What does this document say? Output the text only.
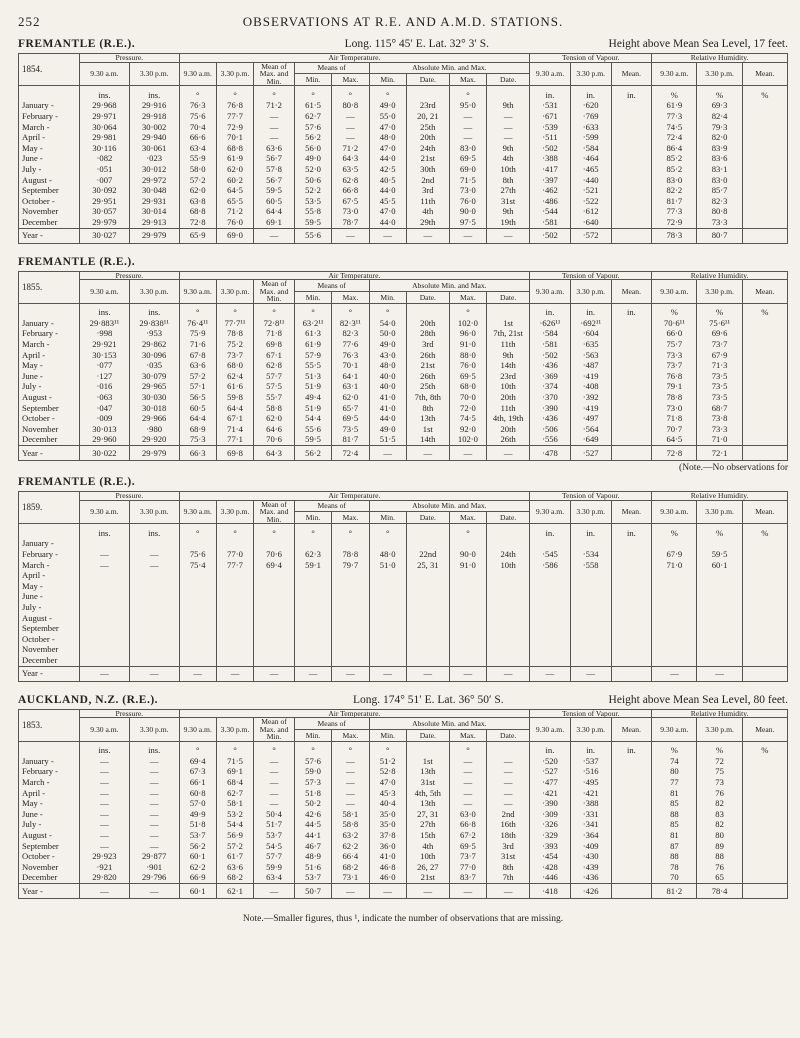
252	OBSERVATIONS AT R.E. AND A.M.D. STATIONS.
FREMANTLE (R.E.).	Long. 115° 45′ E. Lat. 32° 3′ S.	Height above Mean Sea Level, 17 feet.
1854.	Pressure.		Air Temperature.									Tension of Vapour.			Relative Humidity.		
	9.30 a.m.	3.30 p.m.	9.30 a.m.	3.30 p.m.	Mean of Max. and Min.	Means of		Absolute Min. and Max.				9.30 a.m.	3.30 p.m.	Mean.	9.30 a.m.	3.30 p.m.	Mean.
						Min.	Max.	Min.	Date.	Max.	Date.						
	ins.	ins.	°	°	°	°	°	°		°		in.	in.	in.	%	%	%
January -	29·968	29·916	76·3	76·8	71·2	61·5	80·8	49·0	23rd	95·0	9th	·531	·620		61·9	69·3	
February -	29·971	29·918	75·6	77·7	—	62·7	—	55·0	20, 21	—	—	·671	·769		77·3	82·4	
March -	30·064	30·002	70·4	72·9	—	57·6	—	47·0	25th	—	—	·539	·633		74·5	79·3	
April -	29·981	29·940	66·6	70·1	—	56·2	—	48·0	20th	—	—	·511	·599		72·4	82·0	
May -	30·116	30·061	63·4	68·8	63·6	56·0	71·2	47·0	24th	83·0	9th	·502	·584		86·4	83·9	
June -	·082	·023	55·9	61·9	56·7	49·0	64·3	44·0	21st	69·5	4th	·388	·464		85·2	83·6	
July -	·051	30·012	58·0	62·0	57·8	52·0	63·5	42·5	30th	69·0	10th	·417	·465		85·2	83·1	
August -	·007	29·972	57·2	60·2	56·7	50·6	62·8	40·5	2nd	71·5	8th	·397	·440		83·0	83·0	
September	30·092	30·048	62·0	64·5	59·5	52·2	66·8	44·0	3rd	73·0	27th	·462	·521		82·2	85·7	
October -	29·951	29·931	63·8	65·5	60·5	53·5	67·5	45·5	11th	76·0	31st	·486	·522		81·7	82·3	
November	30·057	30·014	68·8	71·2	64·4	55·8	73·0	47·0	4th	90·0	9th	·544	·612		77·3	80·8	
December	29·979	29·913	72·8	76·0	69·1	59·5	78·7	44·0	29th	97·5	19th	·581	·640		72·9	73·3	
Year -	30·027	29·979	65·9	69·0	—	55·6	—	—	—	—	—	·502	·572		78·3	80·7	
FREMANTLE (R.E.).
1855.	Pressure.		Air Temperature.									Tension of Vapour.			Relative Humidity.		
	9.30 a.m.	3.30 p.m.	9.30 a.m.	3.30 p.m.	Mean of Max. and Min.	Means of		Absolute Min. and Max.				9.30 a.m.	3.30 p.m.	Mean.	9.30 a.m.	3.30 p.m.	Mean.
						Min.	Max.	Min.	Date.	Max.	Date.						
	ins.	ins.	°	°	°	°	°	°		°		in.	in.	in.	%	%	%
January -	29·883¹¹	29·838¹¹	76·4¹¹	77·7¹¹	72·8¹¹	63·2¹¹	82·3¹¹	54·0	20th	102·0	1st	·626¹¹	·692¹¹		70·6¹¹	75·6¹¹	
February -	·998	·953	75·9	78·8	71·8	61·3	82·3	50·0	28th	96·0	7th, 21st	·584	·604		66·0	69·6	
March -	29·921	29·862	71·6	75·2	69·8	61·9	77·6	49·0	3rd	91·0	11th	·581	·635		75·7	73·7	
April -	30·153	30·096	67·8	73·7	67·1	57·9	76·3	43·0	26th	88·0	9th	·502	·563		73·3	67·9	
May -	·077	·035	63·6	68·0	62·8	55·5	70·1	48·0	21st	76·0	14th	·436	·487		73·7	71·3	
June -	·127	30·079	57·2	62·4	57·7	51·3	64·1	40·0	26th	69·5	23rd	·369	·419		76·8	73·5	
July -	·016	29·965	57·1	61·6	57·5	51·9	63·1	40·0	25th	68·0	10th	·374	·408		79·1	73·5	
August -	·063	30·030	56·5	59·8	55·7	49·4	62·0	41·0	7th, 8th	70·0	20th	·370	·392		78·8	73·5	
September	·047	30·018	60·5	64·4	58·8	51·9	65·7	41·0	8th	72·0	11th	·390	·419		73·0	68·7	
October -	·009	29·966	64·4	67·1	62·0	54·4	69·5	44·0	13th	74·5	4th, 19th	·436	·497		71·8	73·8	
November	30·013	·980	68·9	71·4	64·6	55·6	73·5	49·0	1st	92·0	20th	·506	·564		70·7	73·3	
December	29·960	29·920	75·3	77·1	70·6	59·5	81·7	51·5	14th	102·0	26th	·556	·649		64·5	71·0	
Year -	30·022	29·979	66·3	69·8	64·3	56·2	72·4	—	—	—	—	·478	·527		72·8	72·1	
(Note.—No observations for
FREMANTLE (R.E.).
1859.	Pressure.		Air Temperature.									Tension of Vapour.			Relative Humidity.		
	9.30 a.m.	3.30 p.m.	9.30 a.m.	3.30 p.m.	Mean of Max. and Min.	Means of		Absolute Min. and Max.				9.30 a.m.	3.30 p.m.	Mean.	9.30 a.m.	3.30 p.m.	Mean.
						Min.	Max.	Min.	Date.	Max.	Date.						
	ins.	ins.	°	°	°	°	°	°		°		in.	in.	in.	%	%	%
January -																	
February -	—	—	75·6	77·0	70·6	62·3	78·8	48·0	22nd	90·0	24th	·545	·534		67·9	59·5	
March -	—	—	75·4	77·7	69·4	59·1	79·7	51·0	25, 31	91·0	10th	·586	·558		71·0	60·1	
April -																	
May -																	
June -																	
July -																	
August -																	
September																	
October -																	
November																	
December																	
Year -	—	—	—	—	—	—	—	—	—	—	—	—	—		—	—	
AUCKLAND, N.Z. (R.E.).	Long. 174° 51′ E. Lat. 36° 50′ S.	Height above Mean Sea Level, 80 feet.
1853.	Pressure.		Air Temperature.									Tension of Vapour.			Relative Humidity.		
	9.30 a.m.	3.30 p.m.	9.30 a.m.	3.30 p.m.	Mean of Max. and Min.	Means of		Absolute Min. and Max.				9.30 a.m.	3.30 p.m.	Mean.	9.30 a.m.	3.30 p.m.	Mean.
						Min.	Max.	Min.	Date.	Max.	Date.						
	ins.	ins.	°	°	°	°	°	°		°		in.	in.	in.	%	%	%
January -	—	—	69·4	71·5	—	57·6	—	51·2	1st	—	—	·520	·537		74	72	
February -	—	—	67·3	69·1	—	59·0	—	52·8	13th	—	—	·527	·516		80	75	
March -	—	—	66·1	68·4	—	57·3	—	47·0	31st	—	—	·477	·495		77	73	
April -	—	—	60·8	62·7	—	51·8	—	45·3	4th, 5th	—	—	·421	·421		81	76	
May -	—	—	57·0	58·1	—	50·2	—	40·4	13th	—	—	·390	·388		85	82	
June -	—	—	49·9	53·2	50·4	42·6	58·1	35·0	27, 31	63·0	2nd	·309	·331		88	83	
July -	—	—	51·8	54·4	51·7	44·5	58·8	35·0	27th	66·8	16th	·326	·341		85	82	
August -	—	—	53·7	56·9	53·7	44·1	63·2	37·8	15th	67·2	18th	·329	·364		81	80	
September	—	—	56·2	57·2	54·5	46·7	62·2	36·0	4th	69·5	3rd	·393	·409		87	89	
October -	29·923	29·877	60·1	61·7	57·7	48·9	66·4	41·0	10th	73·7	31st	·454	·430		88	88	
November	·921	·901	62·2	63·6	59·9	51·6	68·2	46·8	26, 27	77·0	8th	·428	·439		78	76	
December	29·820	29·796	66·9	68·2	63·4	53·7	73·1	46·0	21st	83·7	7th	·446	·436		70	65	
Year -	—	—	60·1	62·1	—	50·7	—	—	—	—	—	·418	·426		81·2	78·4	
Note.—Smaller figures, thus ¹, indicate the number of observations that are missing.
